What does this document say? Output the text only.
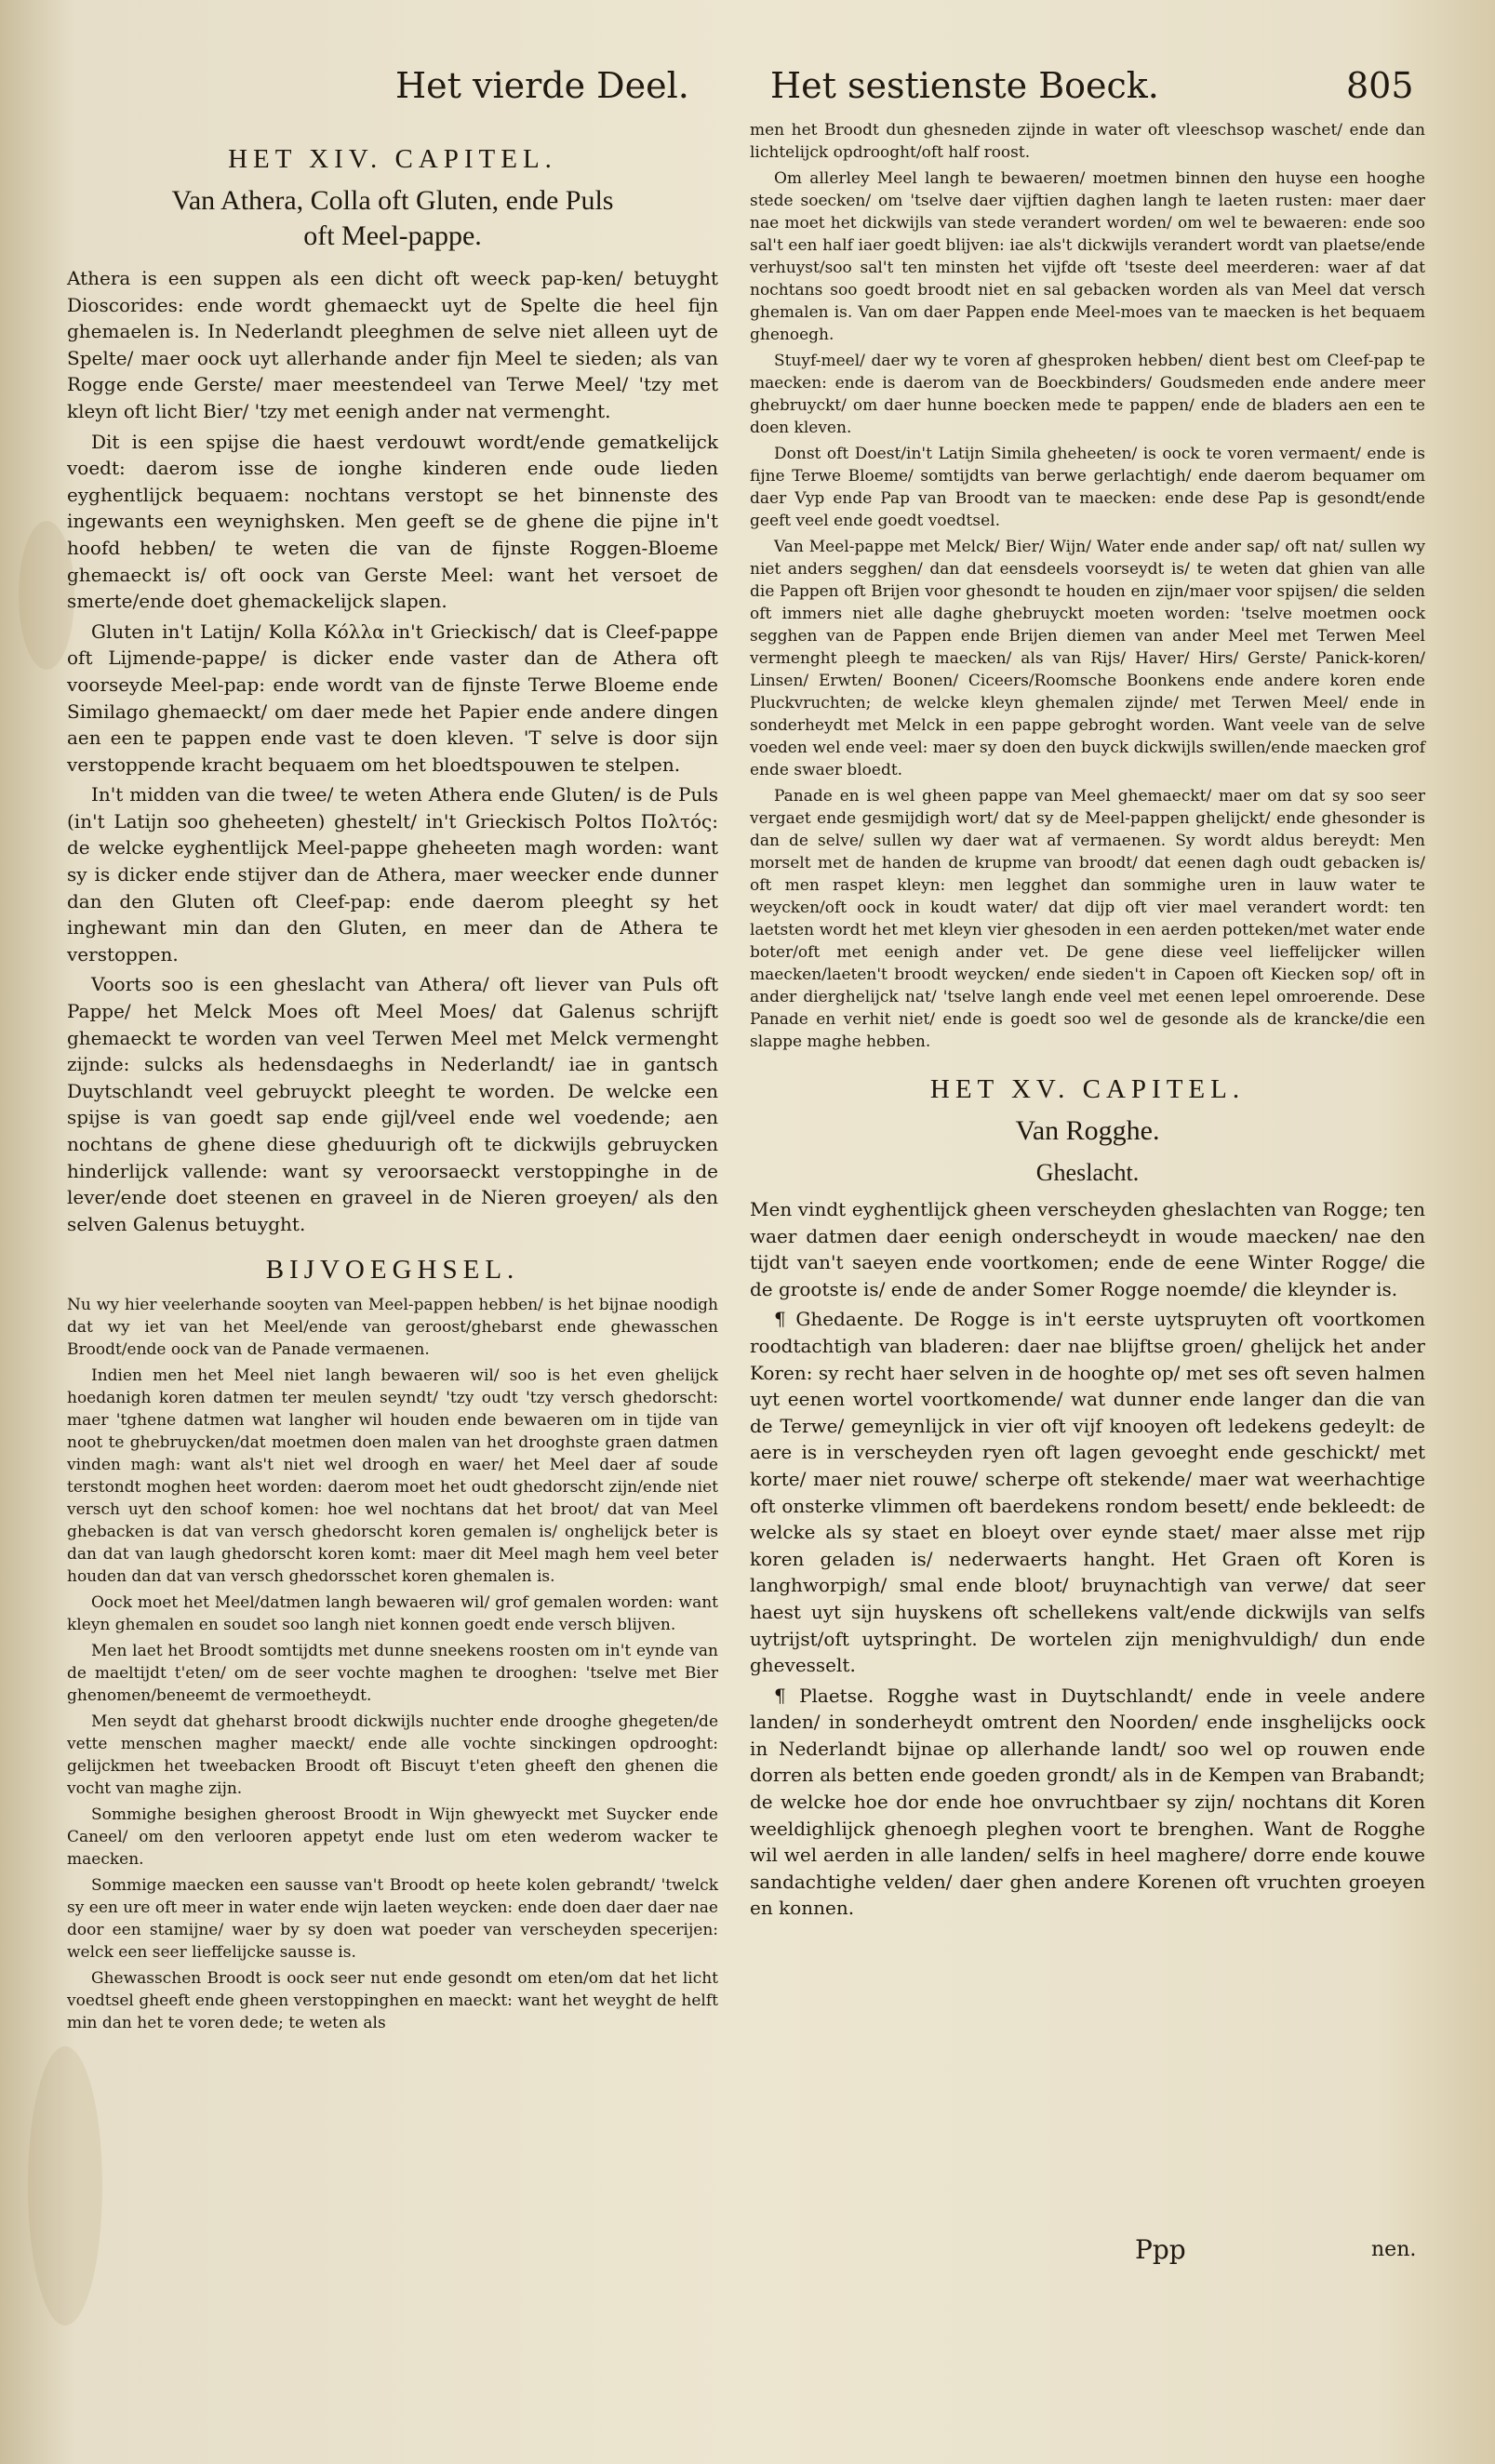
Het vierde Deel. Het sestienste Boeck.	805
HET XIV. CAPITEL.
Van Athera, Colla oft Gluten, ende Puls
oft Meel-pappe.

Athera is een suppen als een dicht oft weeck pap-ken/ betuyght Dioscorides: ende wordt ghemaeckt uyt de Spelte die heel fijn ghemaelen is. In Nederlandt pleeghmen de selve niet alleen uyt de Spelte/ maer oock uyt allerhande ander fijn Meel te sieden; als van Rogge ende Gerste/ maer meestendeel van Terwe Meel/ 'tzy met kleyn oft licht Bier/ 'tzy met eenigh ander nat vermenght.

Dit is een spijse die haest verdouwt wordt/ende gematkelijck voedt: daerom isse de ionghe kinderen ende oude lieden eyghentlijck bequaem: nochtans verstopt se het binnenste des ingewants een weynighsken. Men geeft se de ghene die pijne in't hoofd hebben/ te weten die van de fijnste Roggen-Bloeme ghemaeckt is/ oft oock van Gerste Meel: want het versoet de smerte/ende doet ghemackelijck slapen.

Gluten in't Latijn/ Kolla Κόλλα in't Grieckisch/ dat is Cleef-pappe oft Lijmende-pappe/ is dicker ende vaster dan de Athera oft voorseyde Meel-pap: ende wordt van de fijnste Terwe Bloeme ende Similago ghemaeckt/ om daer mede het Papier ende andere dingen aen een te pappen ende vast te doen kleven. 'T selve is door sijn verstoppende kracht bequaem om het bloedtspouwen te stelpen.

In't midden van die twee/ te weten Athera ende Gluten/ is de Puls (in't Latijn soo gheheeten) ghestelt/ in't Grieckisch Poltos Πολτός: de welcke eyghentlijck Meel-pappe gheheeten magh worden: want sy is dicker ende stijver dan de Athera, maer weecker ende dunner dan den Gluten oft Cleef-pap: ende daerom pleeght sy het inghewant min dan den Gluten, en meer dan de Athera te verstoppen.

Voorts soo is een gheslacht van Athera/ oft liever van Puls oft Pappe/ het Melck Moes oft Meel Moes/ dat Galenus schrijft ghemaeckt te worden van veel Terwen Meel met Melck vermenght zijnde: sulcks als hedensdaeghs in Nederlandt/ iae in gantsch Duytschlandt veel gebruyckt pleeght te worden. De welcke een spijse is van goedt sap ende gijl/veel ende wel voedende; aen nochtans de ghene diese gheduurigh oft te dickwijls gebruycken hinderlijck vallende: want sy veroorsaeckt verstoppinghe in de lever/ende doet steenen en graveel in de Nieren groeyen/ als den selven Galenus betuyght.

BIJVOEGHSEL.

Nu wy hier veelerhande sooyten van Meel-pappen hebben/ is het bijnae noodigh dat wy iet van het Meel/ende van geroost/ghebarst ende ghewasschen Broodt/ende oock van de Panade vermaenen.

Indien men het Meel niet langh bewaeren wil/ soo is het even ghelijck hoedanigh koren datmen ter meulen seyndt/ 'tzy oudt 'tzy versch ghedorscht: maer 'tghene datmen wat langher wil houden ende bewaeren om in tijde van noot te ghebruycken/dat moetmen doen malen van het drooghste graen datmen vinden magh: want als't niet wel droogh en waer/ het Meel daer af soude terstondt moghen heet worden: daerom moet het oudt ghedorscht zijn/ende niet versch uyt den schoof komen: hoe wel nochtans dat het broot/ dat van Meel ghebacken is dat van versch ghedorscht koren gemalen is/ onghelijck beter is dan dat van laugh ghedorscht koren komt: maer dit Meel magh hem veel beter houden dan dat van versch ghedorsschet koren ghemalen is.

Oock moet het Meel/datmen langh bewaeren wil/ grof gemalen worden: want kleyn ghemalen en soudet soo langh niet konnen goedt ende versch blijven.

Men laet het Broodt somtijdts met dunne sneekens roosten om in't eynde van de maeltijdt t'eten/ om de seer vochte maghen te drooghen: 'tselve met Bier ghenomen/beneemt de vermoetheydt.

Men seydt dat gheharst broodt dickwijls nuchter ende drooghe ghegeten/de vette menschen magher maeckt/ ende alle vochte sinckingen opdrooght: gelijckmen het tweebacken Broodt oft Biscuyt t'eten gheeft den ghenen die vocht van maghe zijn.

Sommighe besighen gheroost Broodt in Wijn ghewyeckt met Suycker ende Caneel/ om den verlooren appetyt ende lust om eten wederom wacker te maecken.

Sommige maecken een sausse van't Broodt op heete kolen gebrandt/ 'twelck sy een ure oft meer in water ende wijn laeten weycken: ende doen daer daer nae door een stamijne/ waer by sy doen wat poeder van verscheyden specerijen: welck een seer lieffelijcke sausse is.

Ghewasschen Broodt is oock seer nut ende gesondt om eten/om dat het licht voedtsel gheeft ende gheen verstoppinghen en maeckt: want het weyght de helft min dan het te voren dede; te weten als

men het Broodt dun ghesneden zijnde in water oft vleeschsop waschet/ ende dan lichtelijck opdrooght/oft half roost.

Om allerley Meel langh te bewaeren/ moetmen binnen den huyse een hooghe stede soecken/ om 'tselve daer vijftien daghen langh te laeten rusten: maer daer nae moet het dickwijls van stede verandert worden/ om wel te bewaeren: ende soo sal't een half iaer goedt blijven: iae als't dickwijls verandert wordt van plaetse/ende verhuyst/soo sal't ten minsten het vijfde oft 'tseste deel meerderen: waer af dat nochtans soo goedt broodt niet en sal gebacken worden als van Meel dat versch ghemalen is. Van om daer Pappen ende Meel-moes van te maecken is het bequaem ghenoegh.

Stuyf-meel/ daer wy te voren af ghesproken hebben/ dient best om Cleef-pap te maecken: ende is daerom van de Boeckbinders/ Goudsmeden ende andere meer ghebruyckt/ om daer hunne boecken mede te pappen/ ende de bladers aen een te doen kleven.

Donst oft Doest/in't Latijn Simila gheheeten/ is oock te voren vermaent/ ende is fijne Terwe Bloeme/ somtijdts van berwe gerlachtigh/ ende daerom bequamer om daer Vyp ende Pap van Broodt van te maecken: ende dese Pap is gesondt/ende geeft veel ende goedt voedtsel.

Van Meel-pappe met Melck/ Bier/ Wijn/ Water ende ander sap/ oft nat/ sullen wy niet anders segghen/ dan dat eensdeels voorseydt is/ te weten dat ghien van alle die Pappen oft Brijen voor ghesondt te houden en zijn/maer voor spijsen/ die selden oft immers niet alle daghe ghebruyckt moeten worden: 'tselve moetmen oock segghen van de Pappen ende Brijen diemen van ander Meel met Terwen Meel vermenght pleegh te maecken/ als van Rijs/ Haver/ Hirs/ Gerste/ Panick-koren/ Linsen/ Erwten/ Boonen/ Ciceers/Roomsche Boonkens ende andere koren ende Pluckvruchten; de welcke kleyn ghemalen zijnde/ met Terwen Meel/ ende in sonderheydt met Melck in een pappe gebroght worden. Want veele van de selve voeden wel ende veel: maer sy doen den buyck dickwijls swillen/ende maecken grof ende swaer bloedt.

Panade en is wel gheen pappe van Meel ghemaeckt/ maer om dat sy soo seer vergaet ende gesmijdigh wort/ dat sy de Meel-pappen ghelijckt/ ende ghesonder is dan de selve/ sullen wy daer wat af vermaenen. Sy wordt aldus bereydt: Men morselt met de handen de krupme van broodt/ dat eenen dagh oudt gebacken is/ oft men raspet kleyn: men legghet dan sommighe uren in lauw water te weycken/oft oock in koudt water/ dat dijp oft vier mael verandert wordt: ten laetsten wordt het met kleyn vier ghesoden in een aerden potteken/met water ende boter/oft met eenigh ander vet. De gene diese veel lieffelijcker willen maecken/laeten't broodt weycken/ ende sieden't in Capoen oft Kiecken sop/ oft in ander dierghelijck nat/ 'tselve langh ende veel met eenen lepel omroerende. Dese Panade en verhit niet/ ende is goedt soo wel de gesonde als de krancke/die een slappe maghe hebben.

HET XV. CAPITEL.
Van Rogghe.
Gheslacht.

Men vindt eyghentlijck gheen verscheyden gheslachten van Rogge; ten waer datmen daer eenigh onderscheydt in woude maecken/ nae den tijdt van't saeyen ende voortkomen; ende de eene Winter Rogge/ die de grootste is/ ende de ander Somer Rogge noemde/ die kleynder is.

¶ Ghedaente. De Rogge is in't eerste uytspruyten oft voortkomen roodtachtigh van bladeren: daer nae blijftse groen/ ghelijck het ander Koren: sy recht haer selven in de hooghte op/ met ses oft seven halmen uyt eenen wortel voortkomende/ wat dunner ende langer dan die van de Terwe/ gemeynlijck in vier oft vijf knooyen oft ledekens gedeylt: de aere is in verscheyden ryen oft lagen gevoeght ende geschickt/ met korte/ maer niet rouwe/ scherpe oft stekende/ maer wat weerhachtige oft onsterke vlimmen oft baerdekens rondom besett/ ende bekleedt: de welcke als sy staet en bloeyt over eynde staet/ maer alsse met rijp koren geladen is/ nederwaerts hanght. Het Graen oft Koren is langhworpigh/ smal ende bloot/ bruynachtigh van verwe/ dat seer haest uyt sijn huyskens oft schellekens valt/ende dickwijls van selfs uytrijst/oft uytspringht. De wortelen zijn menighvuldigh/ dun ende ghevesselt.

¶ Plaetse. Rogghe wast in Duytschlandt/ ende in veele andere landen/ in sonderheydt omtrent den Noorden/ ende insghelijcks oock in Nederlandt bijnae op allerhande landt/ soo wel op rouwen ende dorren als betten ende goeden grondt/ als in de Kempen van Brabandt; de welcke hoe dor ende hoe onvruchtbaer sy zijn/ nochtans dit Koren weeldighlijck ghenoegh pleghen voort te brenghen. Want de Rogghe wil wel aerden in alle landen/ selfs in heel maghere/ dorre ende kouwe sandachtighe velden/ daer ghen andere Korenen oft vruchten groeyen en konnen.

Ppp	nen.
